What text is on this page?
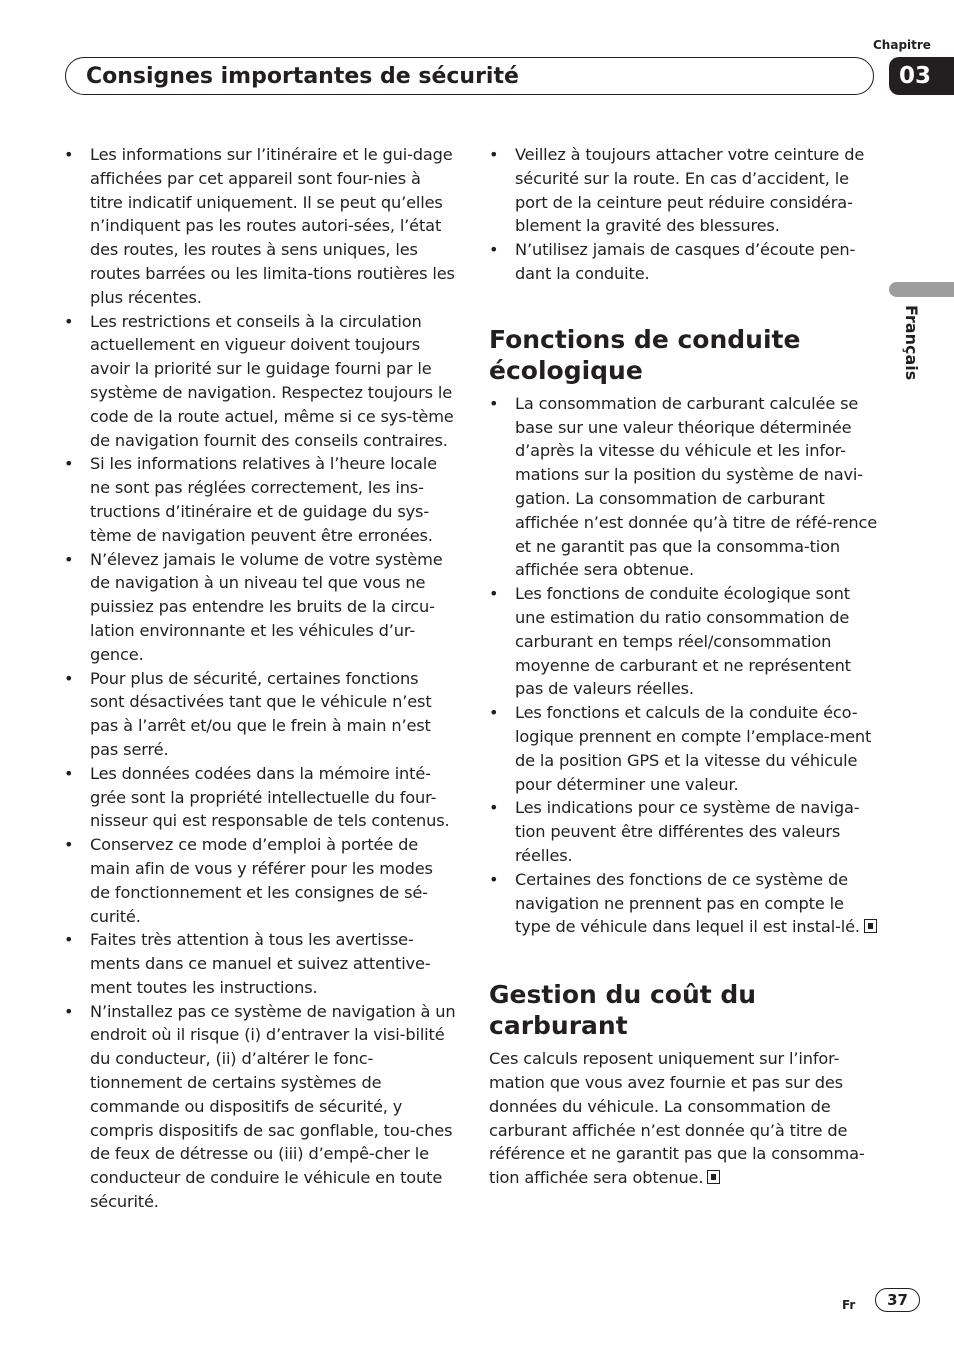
Chapitre
03
Consignes importantes de sécurité
Français
• Les informations sur l’itinéraire et le gui-dage affichées par cet appareil sont four-nies à titre indicatif uniquement. Il se peut qu’elles n’indiquent pas les routes autori-sées, l’état des routes, les routes à sens uniques, les routes barrées ou les limita-tions routières les plus récentes.
• Les restrictions et conseils à la circulation actuellement en vigueur doivent toujours avoir la priorité sur le guidage fourni par le système de navigation. Respectez toujours le code de la route actuel, même si ce sys-tème de navigation fournit des conseils contraires.
• Si les informations relatives à l’heure locale ne sont pas réglées correctement, les ins-tructions d’itinéraire et de guidage du sys-tème de navigation peuvent être erronées.
• N’élevez jamais le volume de votre système de navigation à un niveau tel que vous ne puissiez pas entendre les bruits de la circu-lation environnante et les véhicules d’ur-gence.
• Pour plus de sécurité, certaines fonctions sont désactivées tant que le véhicule n’est pas à l’arrêt et/ou que le frein à main n’est pas serré.
• Les données codées dans la mémoire inté-grée sont la propriété intellectuelle du four-nisseur qui est responsable de tels contenus.
• Conservez ce mode d’emploi à portée de main afin de vous y référer pour les modes de fonctionnement et les consignes de sé-curité.
• Faites très attention à tous les avertisse-ments dans ce manuel et suivez attentive-ment toutes les instructions.
• N’installez pas ce système de navigation à un endroit où il risque (i) d’entraver la visi-bilité du conducteur, (ii) d’altérer le fonc-tionnement de certains systèmes de commande ou dispositifs de sécurité, y compris dispositifs de sac gonflable, tou-ches de feux de détresse ou (iii) d’empê-cher le conducteur de conduire le véhicule en toute sécurité.
• Veillez à toujours attacher votre ceinture de sécurité sur la route. En cas d’accident, le port de la ceinture peut réduire considéra-blement la gravité des blessures.
• N’utilisez jamais de casques d’écoute pen-dant la conduite.
Fonctions de conduite écologique
• La consommation de carburant calculée se base sur une valeur théorique déterminée d’après la vitesse du véhicule et les infor-mations sur la position du système de navi-gation. La consommation de carburant affichée n’est donnée qu’à titre de réfé-rence et ne garantit pas que la consomma-tion affichée sera obtenue.
• Les fonctions de conduite écologique sont une estimation du ratio consommation de carburant en temps réel/consommation moyenne de carburant et ne représentent pas de valeurs réelles.
• Les fonctions et calculs de la conduite éco-logique prennent en compte l’emplace-ment de la position GPS et la vitesse du véhicule pour déterminer une valeur.
• Les indications pour ce système de naviga-tion peuvent être différentes des valeurs réelles.
• Certaines des fonctions de ce système de navigation ne prennent pas en compte le type de véhicule dans lequel il est instal-lé.
Gestion du coût du carburant

Ces calculs reposent uniquement sur l’infor-mation que vous avez fournie et pas sur des données du véhicule. La consommation de carburant affichée n’est donnée qu’à titre de référence et ne garantit pas que la consomma-tion affichée sera obtenue.

Fr	37
